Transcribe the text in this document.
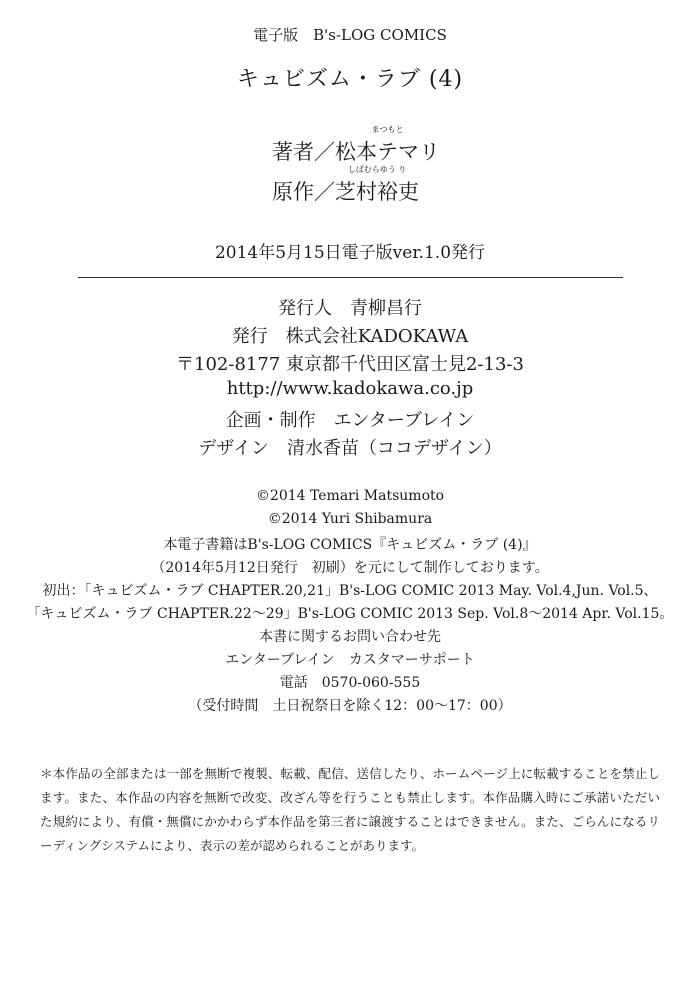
電子版　B's-LOG COMICS
キュビズム・ラブ (4)
著者／
まつもと
松本テマリ
原作／
しばむらゆう り
芝村裕吏
2014年5月15日電子版ver.1.0発行
発行人　青柳昌行
発行　株式会社KADOKAWA
〒102-8177 東京都千代田区富士見2-13-3
http://www.kadokawa.co.jp
企画・制作　エンターブレイン
デザイン　清水香苗（ココデザイン）
©2014 Temari Matsumoto
©2014 Yuri Shibamura
本電子書籍はB's-LOG COMICS『キュビズム・ラブ (4)』
（2014年5月12日発行　初刷）を元にして制作しております。
初出：「キュビズム・ラブ CHAPTER.20,21」B's-LOG COMIC 2013 May. Vol.4,Jun. Vol.5、
「キュビズム・ラブ CHAPTER.22〜29」B's-LOG COMIC 2013 Sep. Vol.8〜2014 Apr. Vol.15。
本書に関するお問い合わせ先
エンターブレイン　カスタマーサポート
電話　0570-060-555
（受付時間　土日祝祭日を除く12：00〜17：00）
＊本作品の全部または一部を無断で複製、転載、配信、送信したり、ホームページ上に転載することを禁止します。また、本作品の内容を無断で改変、改ざん等を行うことも禁止します。本作品購入時にご承諾いただいた規約により、有償・無償にかかわらず本作品を第三者に譲渡することはできません。また、ごらんになるリーディングシステムにより、表示の差が認められることがあります。
